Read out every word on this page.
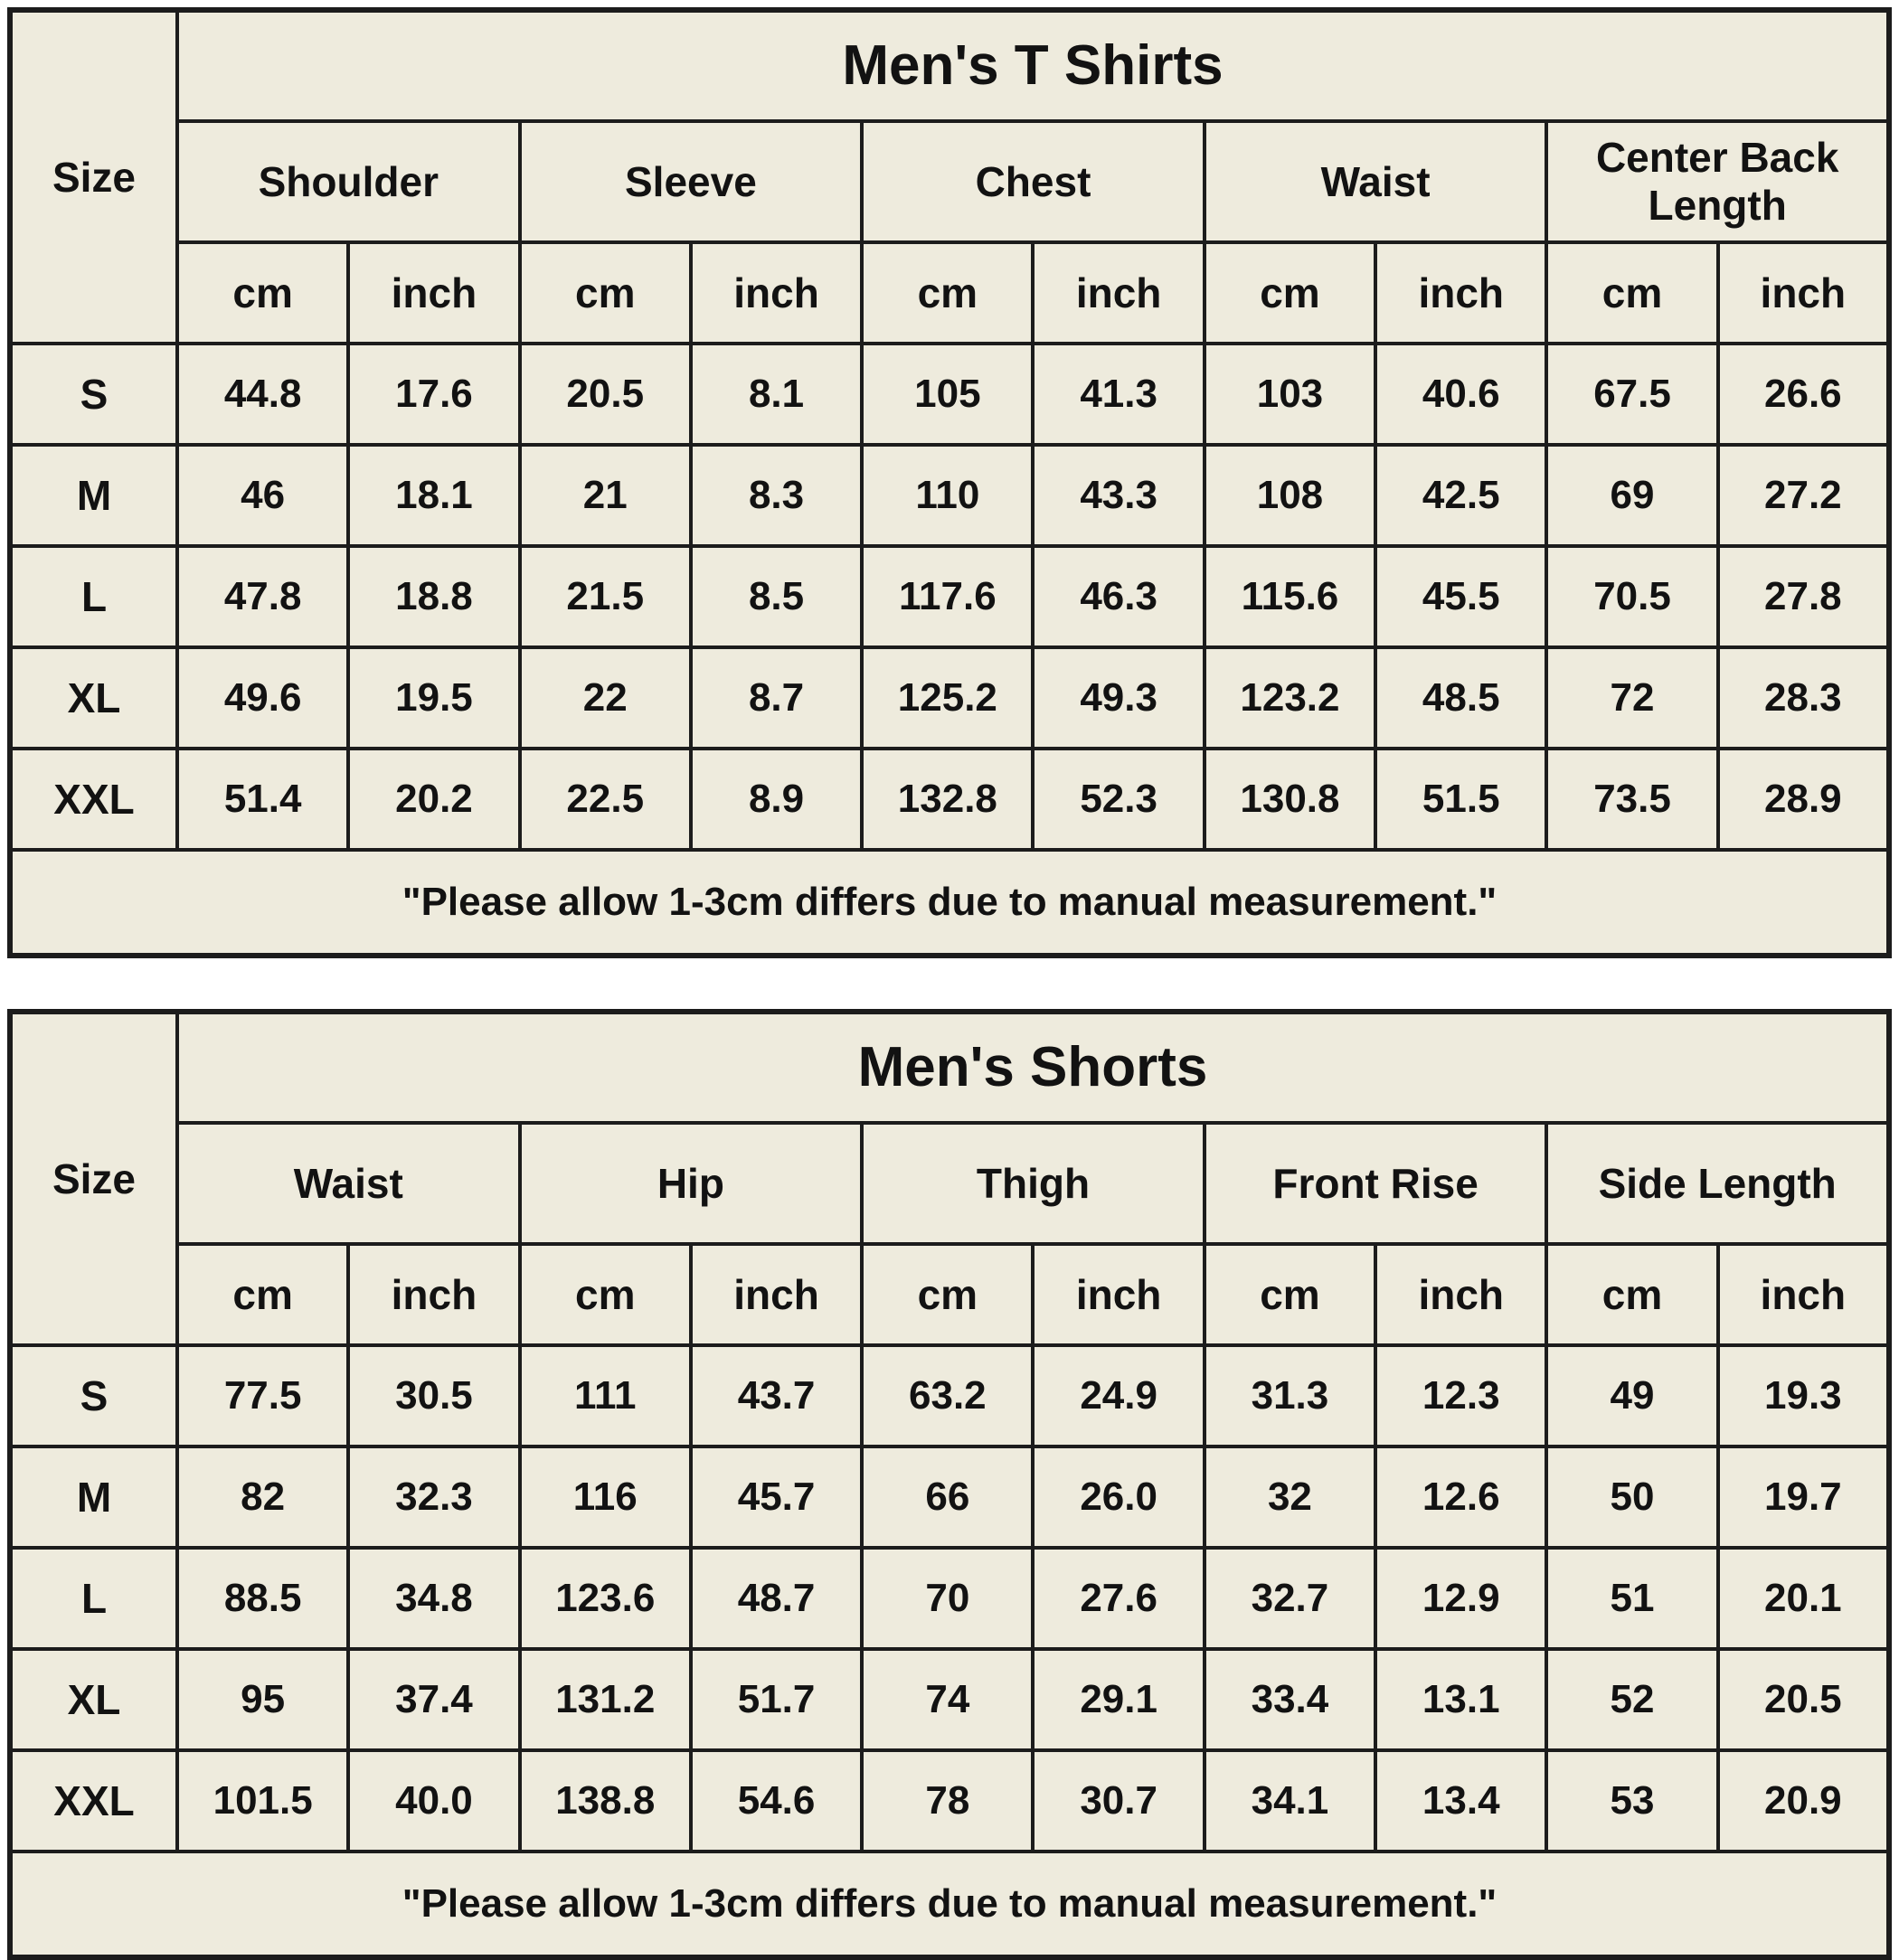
Size	Men's T Shirts									
	Shoulder		Sleeve		Chest		Waist		Center Back Length	
	cm	inch	cm	inch	cm	inch	cm	inch	cm	inch
S	44.8	17.6	20.5	8.1	105	41.3	103	40.6	67.5	26.6
M	46	18.1	21	8.3	110	43.3	108	42.5	69	27.2
L	47.8	18.8	21.5	8.5	117.6	46.3	115.6	45.5	70.5	27.8
XL	49.6	19.5	22	8.7	125.2	49.3	123.2	48.5	72	28.3
XXL	51.4	20.2	22.5	8.9	132.8	52.3	130.8	51.5	73.5	28.9
"Please allow 1-3cm differs due to manual measurement."										
Size	Men's Shorts									
	Waist		Hip		Thigh		Front Rise		Side Length	
	cm	inch	cm	inch	cm	inch	cm	inch	cm	inch
S	77.5	30.5	111	43.7	63.2	24.9	31.3	12.3	49	19.3
M	82	32.3	116	45.7	66	26.0	32	12.6	50	19.7
L	88.5	34.8	123.6	48.7	70	27.6	32.7	12.9	51	20.1
XL	95	37.4	131.2	51.7	74	29.1	33.4	13.1	52	20.5
XXL	101.5	40.0	138.8	54.6	78	30.7	34.1	13.4	53	20.9
"Please allow 1-3cm differs due to manual measurement."										
